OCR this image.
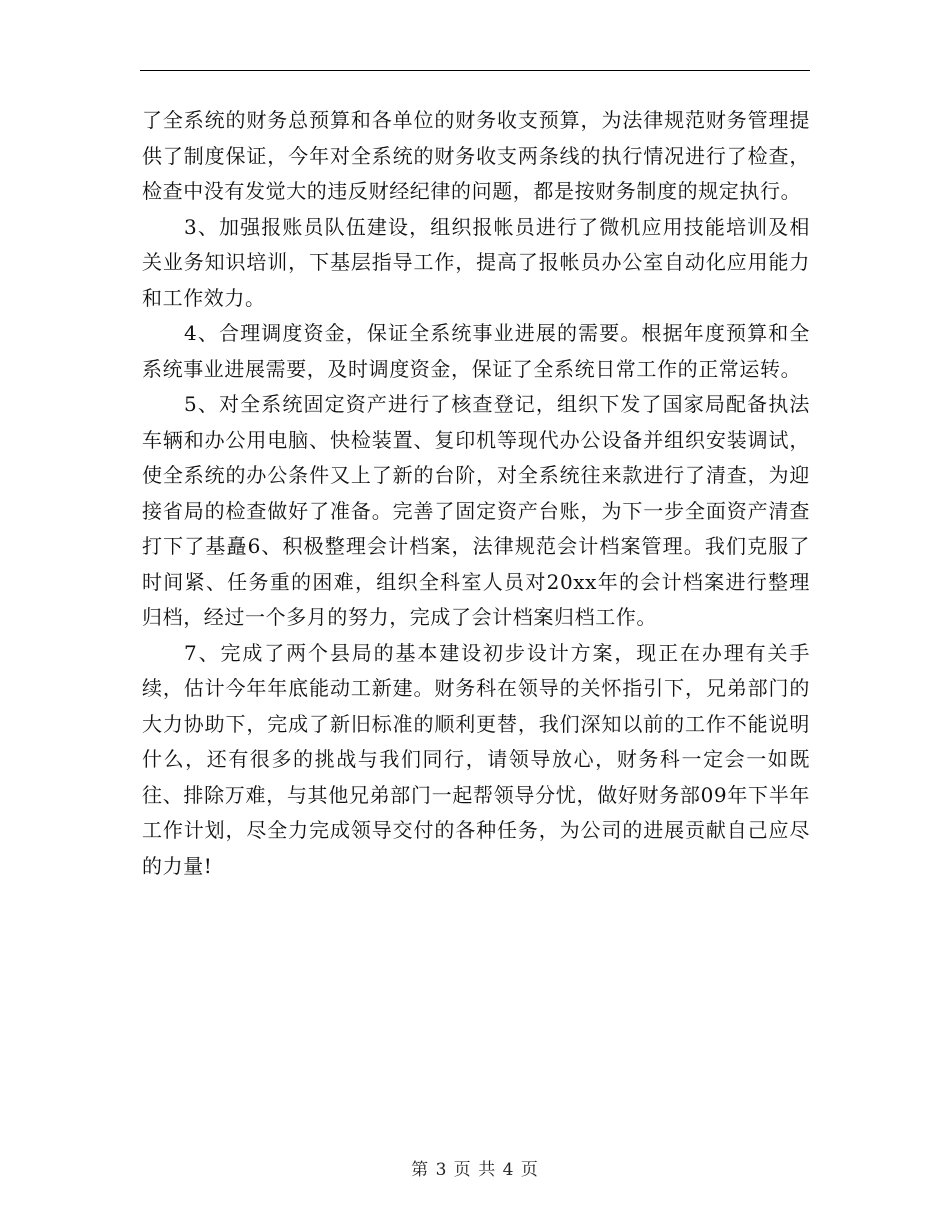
了全系统的财务总预算和各单位的财务收支预算，为法律规范财务管理提供了制度保证，今年对全系统的财务收支两条线的执行情况进行了检查，检查中没有发觉大的违反财经纪律的问题，都是按财务制度的规定执行。

3、加强报账员队伍建设，组织报帐员进行了微机应用技能培训及相关业务知识培训，下基层指导工作，提高了报帐员办公室自动化应用能力和工作效力。

4、合理调度资金，保证全系统事业进展的需要。根据年度预算和全系统事业进展需要，及时调度资金，保证了全系统日常工作的正常运转。

5、对全系统固定资产进行了核查登记，组织下发了国家局配备执法车辆和办公用电脑、快检装置、复印机等现代办公设备并组织安装调试，使全系统的办公条件又上了新的台阶，对全系统往来款进行了清查，为迎接省局的检查做好了准备。完善了固定资产台账，为下一步全面资产清查打下了基矗6、积极整理会计档案，法律规范会计档案管理。我们克服了时间紧、任务重的困难，组织全科室人员对20xx年的会计档案进行整理归档，经过一个多月的努力，完成了会计档案归档工作。

7、完成了两个县局的基本建设初步设计方案，现正在办理有关手续，估计今年年底能动工新建。财务科在领导的关怀指引下，兄弟部门的大力协助下，完成了新旧标准的顺利更替，我们深知以前的工作不能说明什么，还有很多的挑战与我们同行，请领导放心，财务科一定会一如既往、排除万难，与其他兄弟部门一起帮领导分忧，做好财务部09年下半年工作计划，尽全力完成领导交付的各种任务，为公司的进展贡献自己应尽的力量!

第 3 页 共 4 页
